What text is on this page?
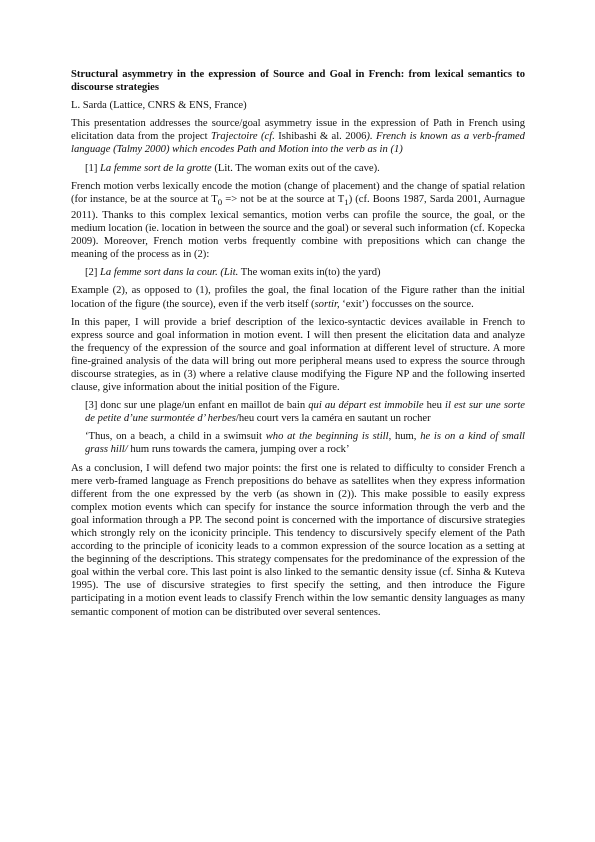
Structural asymmetry in the expression of Source and Goal in French: from lexical semantics to discourse strategies
L. Sarda (Lattice, CNRS & ENS, France)
This presentation addresses the source/goal asymmetry issue in the expression of Path in French using elicitation data from the project Trajectoire (cf. Ishibashi & al. 2006). French is known as a verb-framed language (Talmy 2000) which encodes Path and Motion into the verb as in (1)
[1] La femme sort de la grotte (Lit. The woman exits out of the cave).
French motion verbs lexically encode the motion (change of placement) and the change of spatial relation (for instance, be at the source at $T_0$ => not be at the source at $T_1$) (cf. Boons 1987, Sarda 2001, Aurnague 2011). Thanks to this complex lexical semantics, motion verbs can profile the source, the goal, or the medium location (ie. location in between the source and the goal) or several such information (cf. Kopecka 2009). Moreover, French motion verbs frequently combine with prepositions which can change the meaning of the process as in (2):
[2] La femme sort dans la cour. (Lit. The woman exits in(to) the yard)
Example (2), as opposed to (1), profiles the goal, the final location of the Figure rather than the initial location of the figure (the source), even if the verb itself (sortir, ‘exit’) foccusses on the source.
In this paper, I will provide a brief description of the lexico-syntactic devices available in French to express source and goal information in motion event. I will then present the elicitation data and analyze the frequency of the expression of the source and goal information at different level of structure. A more fine-grained analysis of the data will bring out more peripheral means used to express the source through discourse strategies, as in (3) where a relative clause modifying the Figure NP and the following inserted clause, give information about the initial position of the Figure.
[3] donc sur une plage/un enfant en maillot de bain qui au départ est immobile heu il est sur une sorte de petite d’une surmontée d’ herbes/heu court vers la caméra en sautant un rocher
‘Thus, on a beach, a child in a swimsuit who at the beginning is still, hum, he is on a kind of small grass hill/ hum runs towards the camera, jumping over a rock’
As a conclusion, I will defend two major points: the first one is related to difficulty to consider French a mere verb-framed language as French prepositions do behave as satellites when they express information different from the one expressed by the verb (as shown in (2)). This make possible to easily express complex motion events which can specify for instance the source information through the verb and the goal information through a PP. The second point is concerned with the importance of discursive strategies which strongly rely on the iconicity principle. This tendency to discursively specify element of the Path according to the principle of iconicity leads to a common expression of the source location as a setting at the beginning of the descriptions. This strategy compensates for the predominance of the expression of the goal within the verbal core. This last point is also linked to the semantic density issue (cf. Sinha & Kuteva 1995). The use of discursive strategies to first specify the setting, and then introduce the Figure participating in a motion event leads to classify French within the low semantic density languages as many semantic component of motion can be distributed over several sentences.
